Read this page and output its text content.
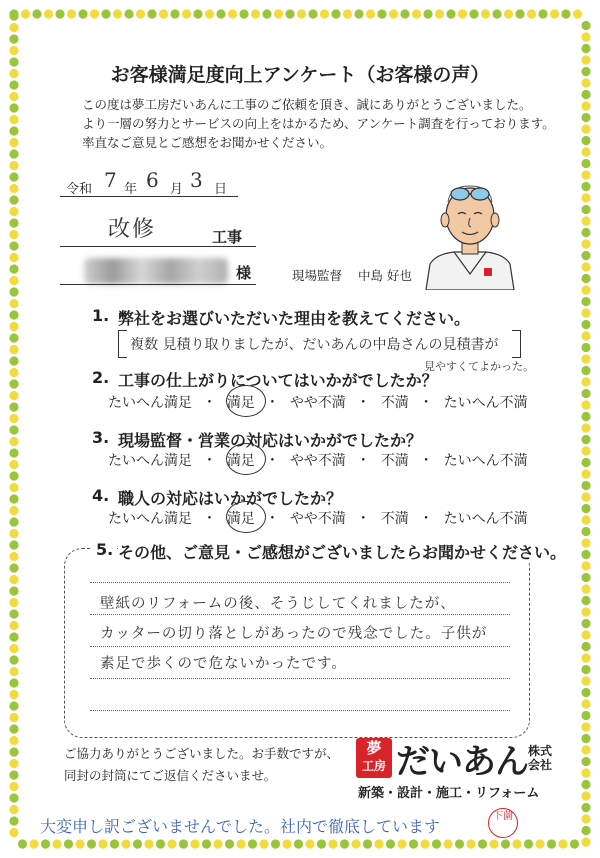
お客様満足度向上アンケート（お客様の声）
この度は夢工房だいあんに工事のご依頼を頂き、誠にありがとうございました。
より一層の努力とサービスの向上をはかるため、アンケート調査を行っております。
率直なご意見とご感想をお聞かせください。
令和 7 年 6 月 3 日
改修	工事
様	現場監督 中島 好也
1. 弊社をお選びいただいた理由を教えてください。
複数 見積り取りましたが、だいあんの中島さんの見積書が
見やすくてよかった。
2. 工事の仕上がりについてはいかがでしたか？
たいへん満足 ・ 満足 ・ やや不満 ・ 不満 ・ たいへん不満
3. 現場監督・営業の対応はいかがでしたか？
たいへん満足 ・ 満足 ・ やや不満 ・ 不満 ・ たいへん不満
4. 職人の対応はいかがでしたか？
たいへん満足 ・ 満足 ・ やや不満 ・ 不満 ・ たいへん不満
5. その他、ご意見・ご感想がございましたらお聞かせください。
壁紙のリフォームの後、そうじしてくれましたが、
カッターの切り落としがあったので残念でした。子供が
素足で歩くので危ないかったです。
ご協力ありがとうございました。お手数ですが、
同封の封筒にてご返信くださいませ。
夢
工房 だいあん 株式会社
新築・設計・施工・リフォーム
大変申し訳ございませんでした。社内で徹底しています
下薗
